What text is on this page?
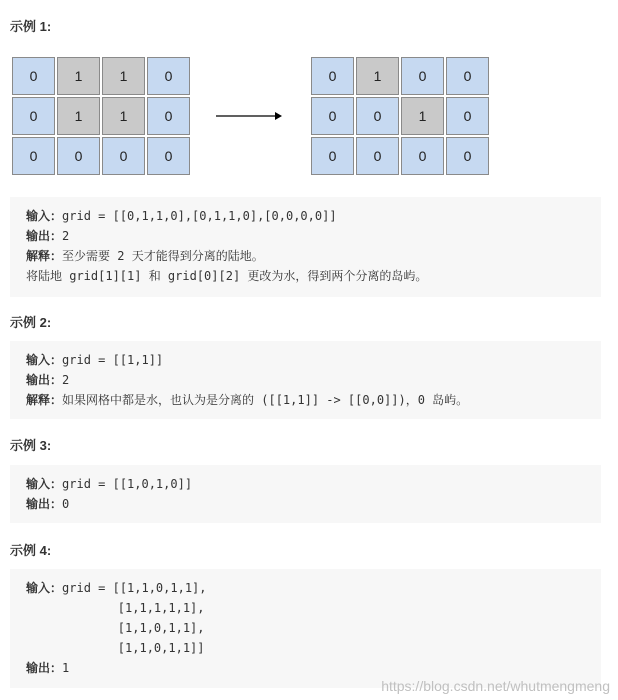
示例 1:
0	1	1	0
0	1	1	0
0	0	0	0
0	1	0	0
0	0	1	0
0	0	0	0
输入：grid = [[0,1,1,0],[0,1,1,0],[0,0,0,0]]
输出：2
解释：至少需要 2 天才能得到分离的陆地。
将陆地 grid[1][1] 和 grid[0][2] 更改为水，得到两个分离的岛屿。
示例 2:
输入：grid = [[1,1]]
输出：2
解释：如果网格中都是水，也认为是分离的 ([[1,1]] -> [[0,0]])，0 岛屿。
示例 3:
输入：grid = [[1,0,1,0]]
输出：0
示例 4:
输入：grid = [[1,1,0,1,1],
[1,1,1,1,1],
[1,1,0,1,1],
[1,1,0,1,1]]
输出：1
https://blog.csdn.net/whutmengmeng
